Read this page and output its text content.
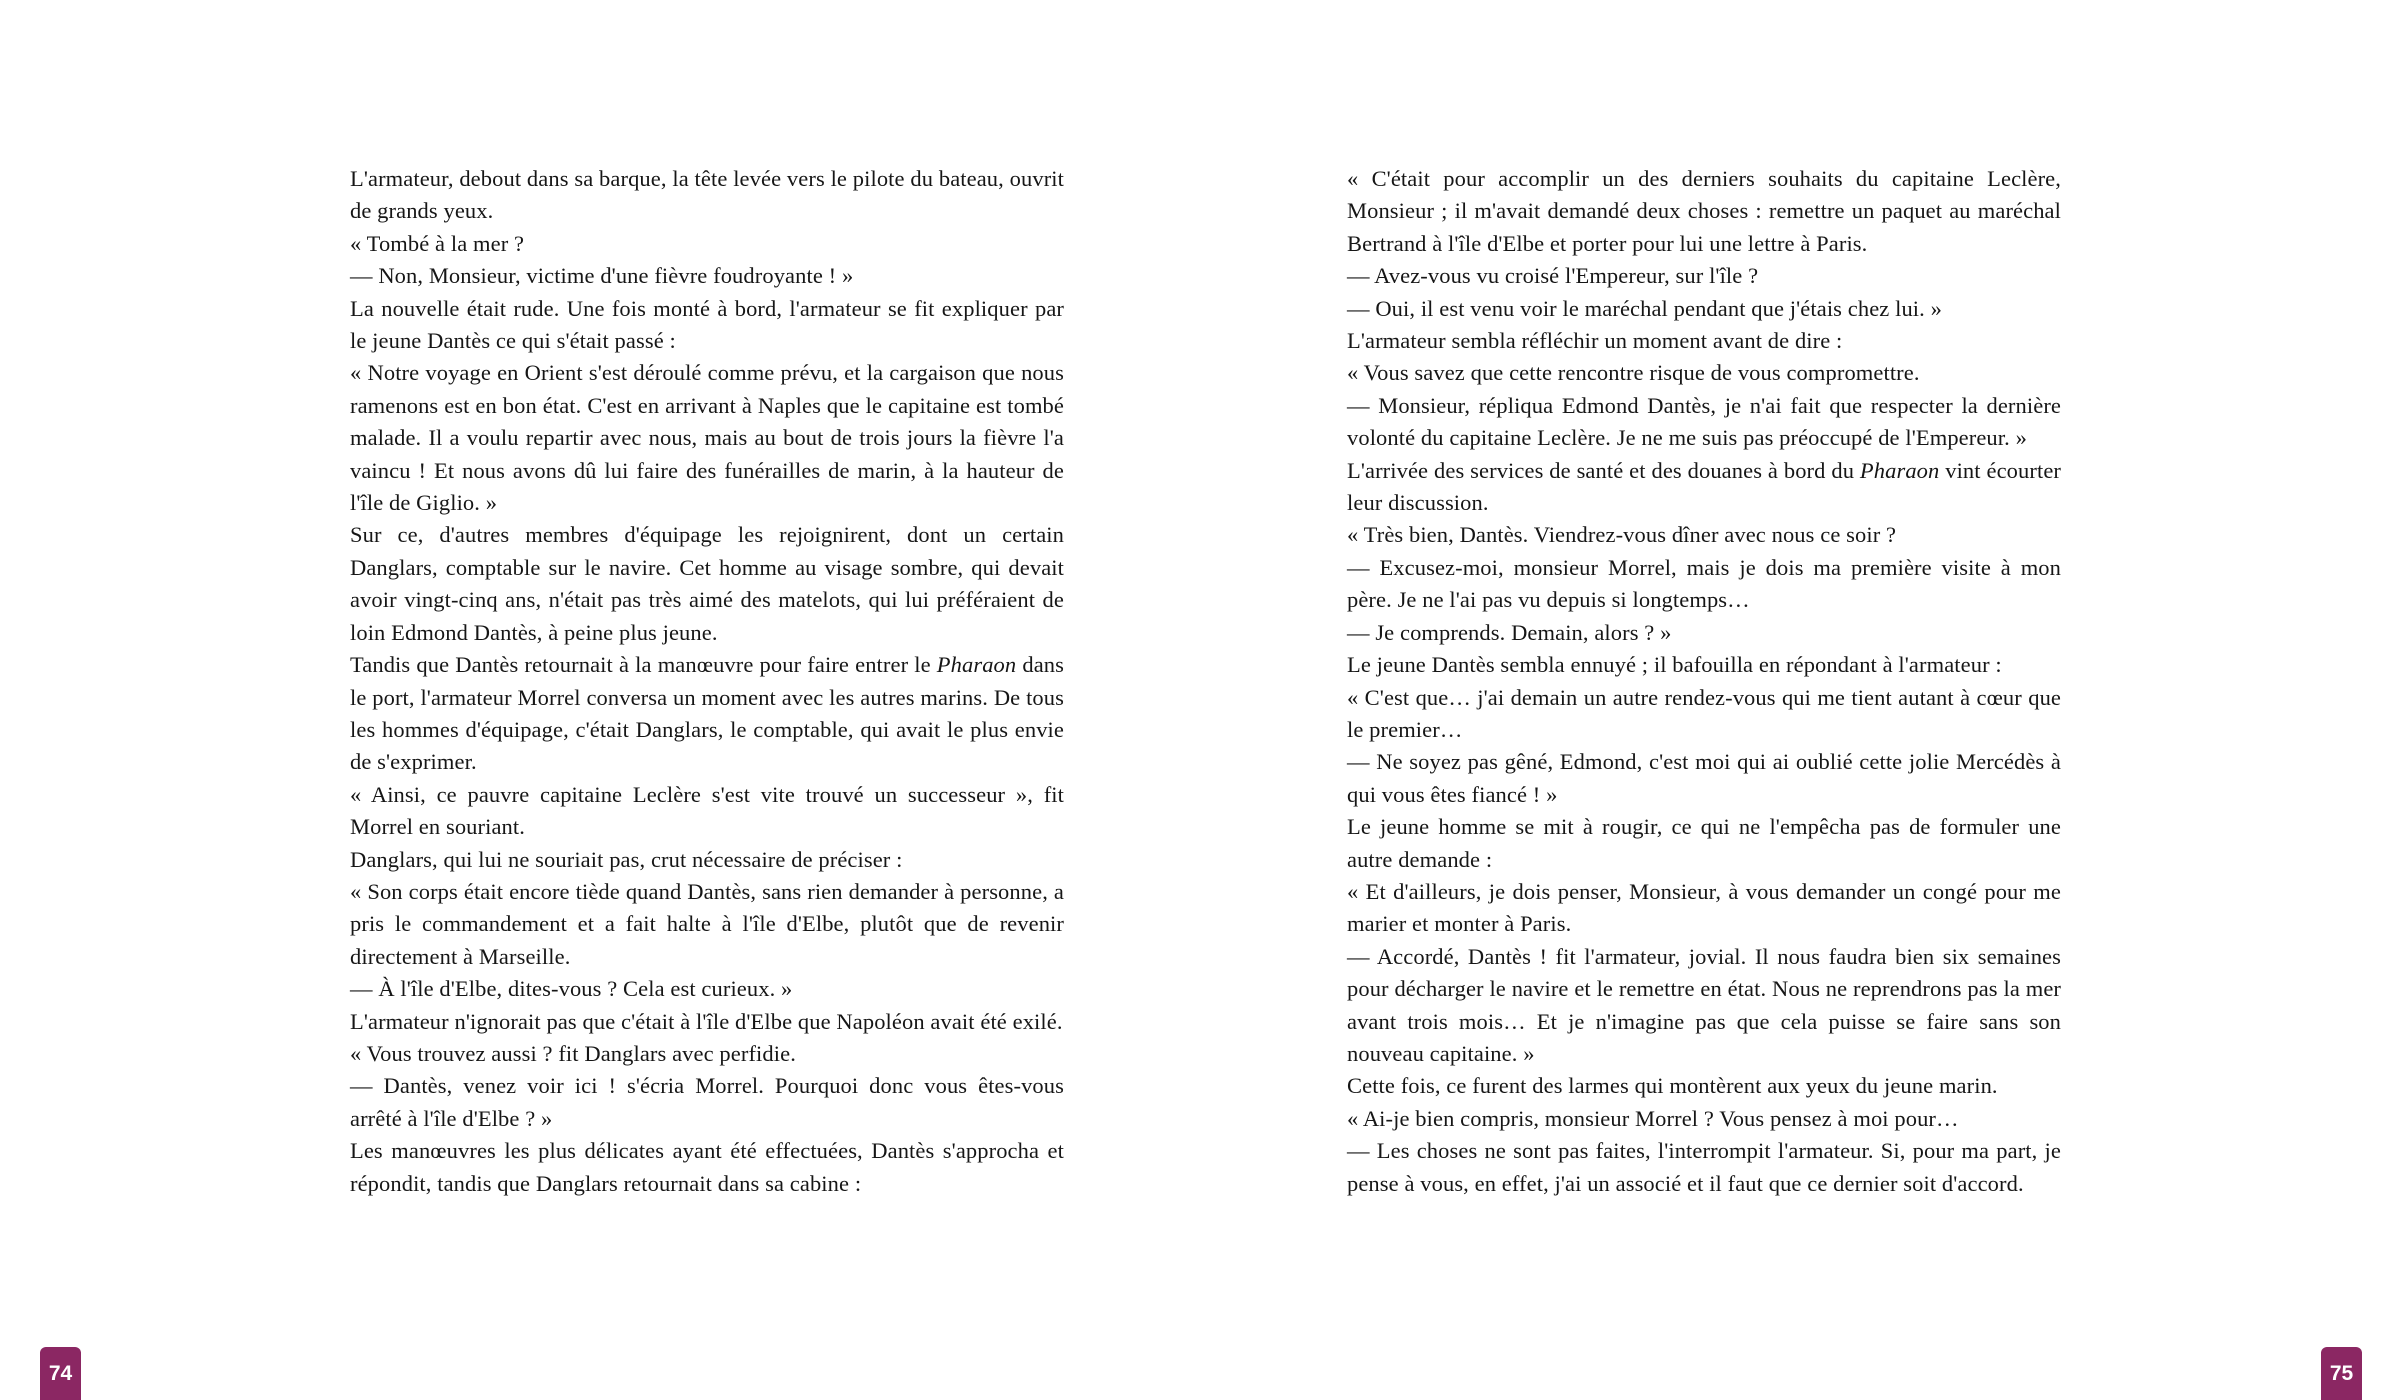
L'armateur, debout dans sa barque, la tête levée vers le pilote du bateau, ouvrit de grands yeux.

« Tombé à la mer ?

— Non, Monsieur, victime d'une fièvre foudroyante ! »

La nouvelle était rude. Une fois monté à bord, l'armateur se fit expliquer par le jeune Dantès ce qui s'était passé :

« Notre voyage en Orient s'est déroulé comme prévu, et la cargaison que nous ramenons est en bon état. C'est en arrivant à Naples que le capitaine est tombé malade. Il a voulu repartir avec nous, mais au bout de trois jours la fièvre l'a vaincu ! Et nous avons dû lui faire des funérailles de marin, à la hauteur de l'île de Giglio. »

Sur ce, d'autres membres d'équipage les rejoignirent, dont un certain Danglars, comptable sur le navire. Cet homme au visage sombre, qui devait avoir vingt-cinq ans, n'était pas très aimé des matelots, qui lui préféraient de loin Edmond Dantès, à peine plus jeune.

Tandis que Dantès retournait à la manœuvre pour faire entrer le Pharaon dans le port, l'armateur Morrel conversa un moment avec les autres marins. De tous les hommes d'équipage, c'était Danglars, le comptable, qui avait le plus envie de s'exprimer.

« Ainsi, ce pauvre capitaine Leclère s'est vite trouvé un successeur », fit Morrel en souriant.

Danglars, qui lui ne souriait pas, crut nécessaire de préciser :

« Son corps était encore tiède quand Dantès, sans rien demander à personne, a pris le commandement et a fait halte à l'île d'Elbe, plutôt que de revenir directement à Marseille.

— À l'île d'Elbe, dites-vous ? Cela est curieux. »

L'armateur n'ignorait pas que c'était à l'île d'Elbe que Napoléon avait été exilé.

« Vous trouvez aussi ? fit Danglars avec perfidie.

— Dantès, venez voir ici ! s'écria Morrel. Pourquoi donc vous êtes-vous arrêté à l'île d'Elbe ? »

Les manœuvres les plus délicates ayant été effectuées, Dantès s'approcha et répondit, tandis que Danglars retournait dans sa cabine :

« C'était pour accomplir un des derniers souhaits du capitaine Leclère, Monsieur ; il m'avait demandé deux choses : remettre un paquet au maréchal Bertrand à l'île d'Elbe et porter pour lui une lettre à Paris.

— Avez-vous vu croisé l'Empereur, sur l'île ?

— Oui, il est venu voir le maréchal pendant que j'étais chez lui. »

L'armateur sembla réfléchir un moment avant de dire :

« Vous savez que cette rencontre risque de vous compromettre.

— Monsieur, répliqua Edmond Dantès, je n'ai fait que respecter la dernière volonté du capitaine Leclère. Je ne me suis pas préoccupé de l'Empereur. »

L'arrivée des services de santé et des douanes à bord du Pharaon vint écourter leur discussion.

« Très bien, Dantès. Viendrez-vous dîner avec nous ce soir ?

— Excusez-moi, monsieur Morrel, mais je dois ma première visite à mon père. Je ne l'ai pas vu depuis si longtemps…

— Je comprends. Demain, alors ? »

Le jeune Dantès sembla ennuyé ; il bafouilla en répondant à l'armateur :

« C'est que… j'ai demain un autre rendez-vous qui me tient autant à cœur que le premier…

— Ne soyez pas gêné, Edmond, c'est moi qui ai oublié cette jolie Mercédès à qui vous êtes fiancé ! »

Le jeune homme se mit à rougir, ce qui ne l'empêcha pas de formuler une autre demande :

« Et d'ailleurs, je dois penser, Monsieur, à vous demander un congé pour me marier et monter à Paris.

— Accordé, Dantès ! fit l'armateur, jovial. Il nous faudra bien six semaines pour décharger le navire et le remettre en état. Nous ne reprendrons pas la mer avant trois mois… Et je n'imagine pas que cela puisse se faire sans son nouveau capitaine. »

Cette fois, ce furent des larmes qui montèrent aux yeux du jeune marin.

« Ai-je bien compris, monsieur Morrel ? Vous pensez à moi pour…

— Les choses ne sont pas faites, l'interrompit l'armateur. Si, pour ma part, je pense à vous, en effet, j'ai un associé et il faut que ce dernier soit d'accord.

74	75
